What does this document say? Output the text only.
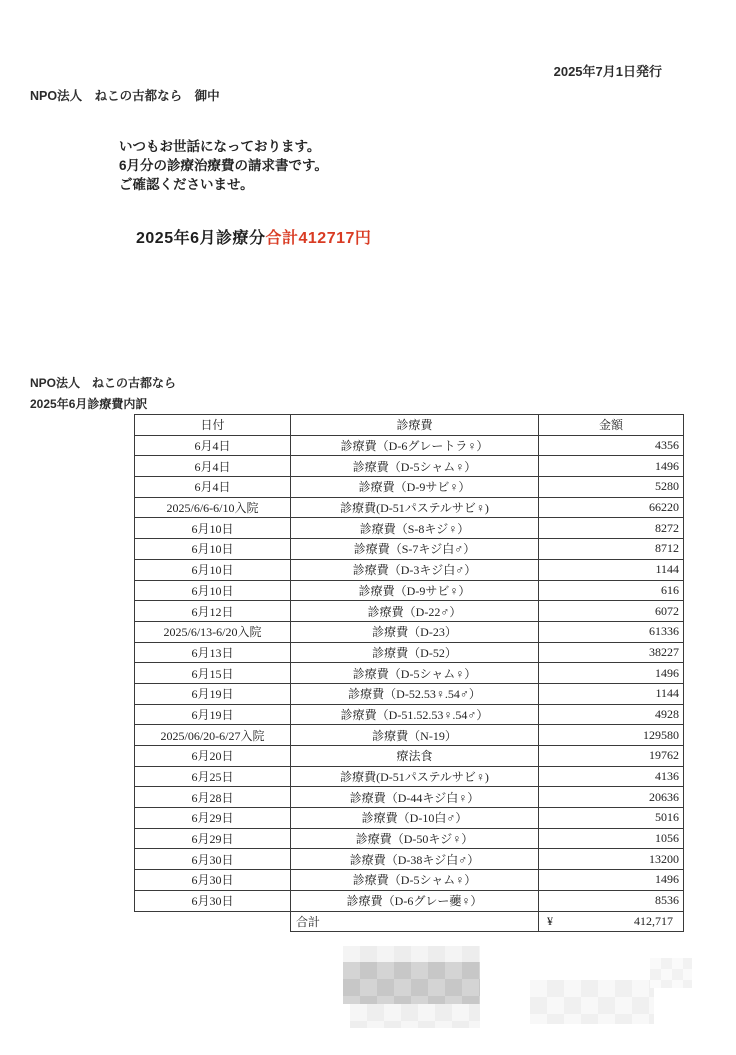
2025年7月1日発行
NPO法人　ねこの古都なら　御中
いつもお世話になっております。
6月分の診療治療費の請求書です。
ご確認くださいませ。
2025年6月診療分合計412717円
NPO法人　ねこの古都なら
2025年6月診療費内訳
日付	診療費	金額
6月4日	診療費（D-6グレートラ♀）	4356
6月4日	診療費（D-5シャム♀）	1496
6月4日	診療費（D-9サビ♀）	5280
2025/6/6-6/10入院	診療費(D-51パステルサビ♀)	66220
6月10日	診療費（S-8キジ♀）	8272
6月10日	診療費（S-7キジ白♂）	8712
6月10日	診療費（D-3キジ白♂）	1144
6月10日	診療費（D-9サビ♀）	616
6月12日	診療費（D-22♂）	6072
2025/6/13-6/20入院	診療費（D-23）	61336
6月13日	診療費（D-52）	38227
6月15日	診療費（D-5シャム♀）	1496
6月19日	診療費（D-52.53♀.54♂）	1144
6月19日	診療費（D-51.52.53♀.54♂）	4928
2025/06/20-6/27入院	診療費（N-19）	129580
6月20日	療法食	19762
6月25日	診療費(D-51パステルサビ♀)	4136
6月28日	診療費（D-44キジ白♀）	20636
6月29日	診療費（D-10白♂）	5016
6月29日	診療費（D-50キジ♀）	1056
6月30日	診療費（D-38キジ白♂）	13200
6月30日	診療費（D-5シャム♀）	1496
6月30日	診療費（D-6グレー虁♀）	8536
	合計	¥ 412,717
